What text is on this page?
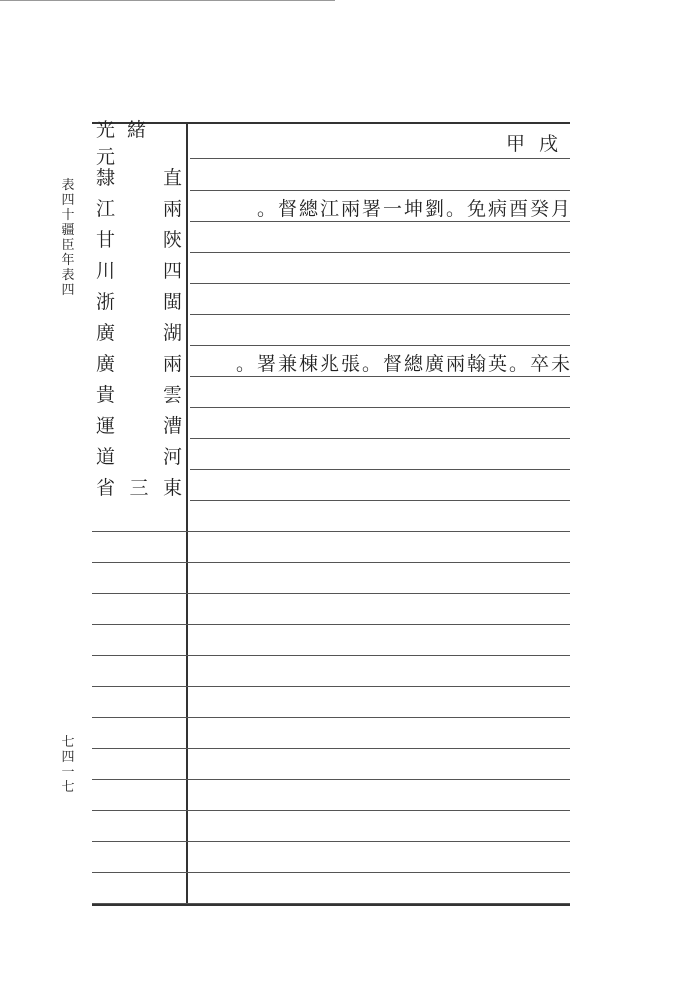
光緒元
甲戌
隸	直
江	兩	。督總江兩署一坤劉。免病酉癸月
甘	陝
川	四
浙	閩
廣	湖
廣	兩	。署兼棟兆張。督總廣兩翰英。卒未
貴	雲
運	漕
道	河
省 三 東
表四十 疆臣年表四
七四一七
